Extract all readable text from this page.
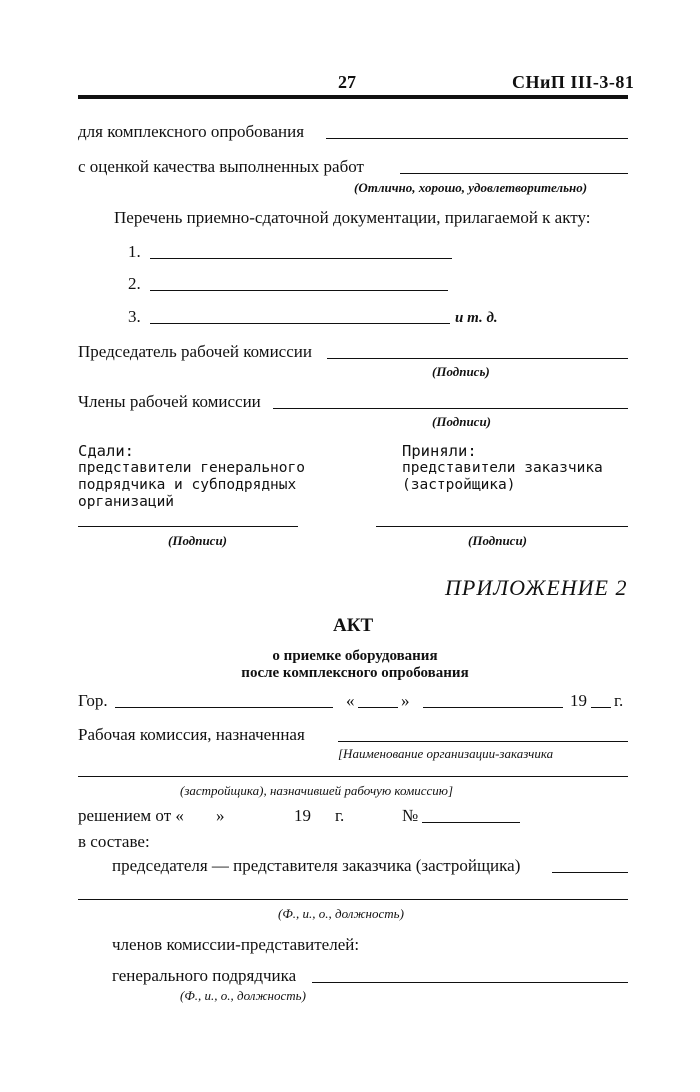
27	СНиП III-3-81
для комплексного опробования
с оценкой качества выполненных работ
(Отлично, хорошо, удовлетворительно)
Перечень приемно-сдаточной документации, прилагаемой к акту:
1.
2.
3.	и т. д.
Председатель рабочей комиссии
(Подпись)
Члены рабочей комиссии
(Подписи)
Сдали:
представители генерального
подрядчика и субподрядных
организаций
(Подписи)
Приняли:
представители заказчика
(застройщика)
(Подписи)
ПРИЛОЖЕНИЕ 2
АКТ
о приемке оборудования
после комплексного опробования
Гор.	«	»	19 г.
Рабочая комиссия, назначенная
[Наименование организации-заказчика
(застройщика), назначившей рабочую комиссию]
решением от « »	19 г.	№
в составе:
председателя — представителя заказчика (застройщика)
(Ф., и., о., должность)
членов комиссии-представителей:
генерального подрядчика
(Ф., и., о., должность)
